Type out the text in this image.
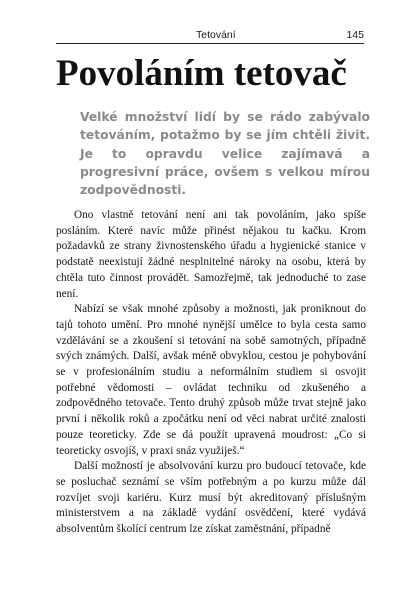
Tetování	145
Povoláním tetovač

Velké množství lidí by se rádo zabývalo tetováním, potažmo by se jím chtěli živit. Je to opravdu velice zajímavá a progresivní práce, ovšem s velkou mírou zodpovědnosti.

Ono vlastně tetování není ani tak povoláním, jako spíše posláním. Které navíc může přinést nějakou tu kačku. Krom požadavků ze strany živnostenského úřadu a hygienické stanice v podstatě neexistují žádné nesplnitelné nároky na osobu, která by chtěla tuto činnost provádět. Samozřejmě, tak jednoduché to zase není.

Nabízí se však mnohé způsoby a možnosti, jak proniknout do tajů tohoto umění. Pro mnohé nynější umělce to byla cesta samo vzdělávání se a zkoušení si tetování na sobě samotných, případně svých známých. Další, avšak méně obvyklou, cestou je pohybování se v profesionálním studiu a neformálním studiem si osvojit potřebné vědomosti – ovládat techniku od zkušeného a zodpovědného tetovače. Tento druhý způsob může trvat stejně jako první i několik roků a zpočátku není od věci nabrat určité znalosti pouze teoreticky. Zde se dá použít upravená moudrost: „Co si teoreticky osvojíš, v praxi snáz využiješ.“

Další možností je absolvování kurzu pro budoucí tetovače, kde se posluchač seznámí se vším potřebným a po kurzu může dál rozvíjet svoji kariéru. Kurz musí být akreditovaný příslušným ministerstvem a na základě vydání osvědčení, které vydává absolventům školící centrum lze získat zaměstnání, případně
